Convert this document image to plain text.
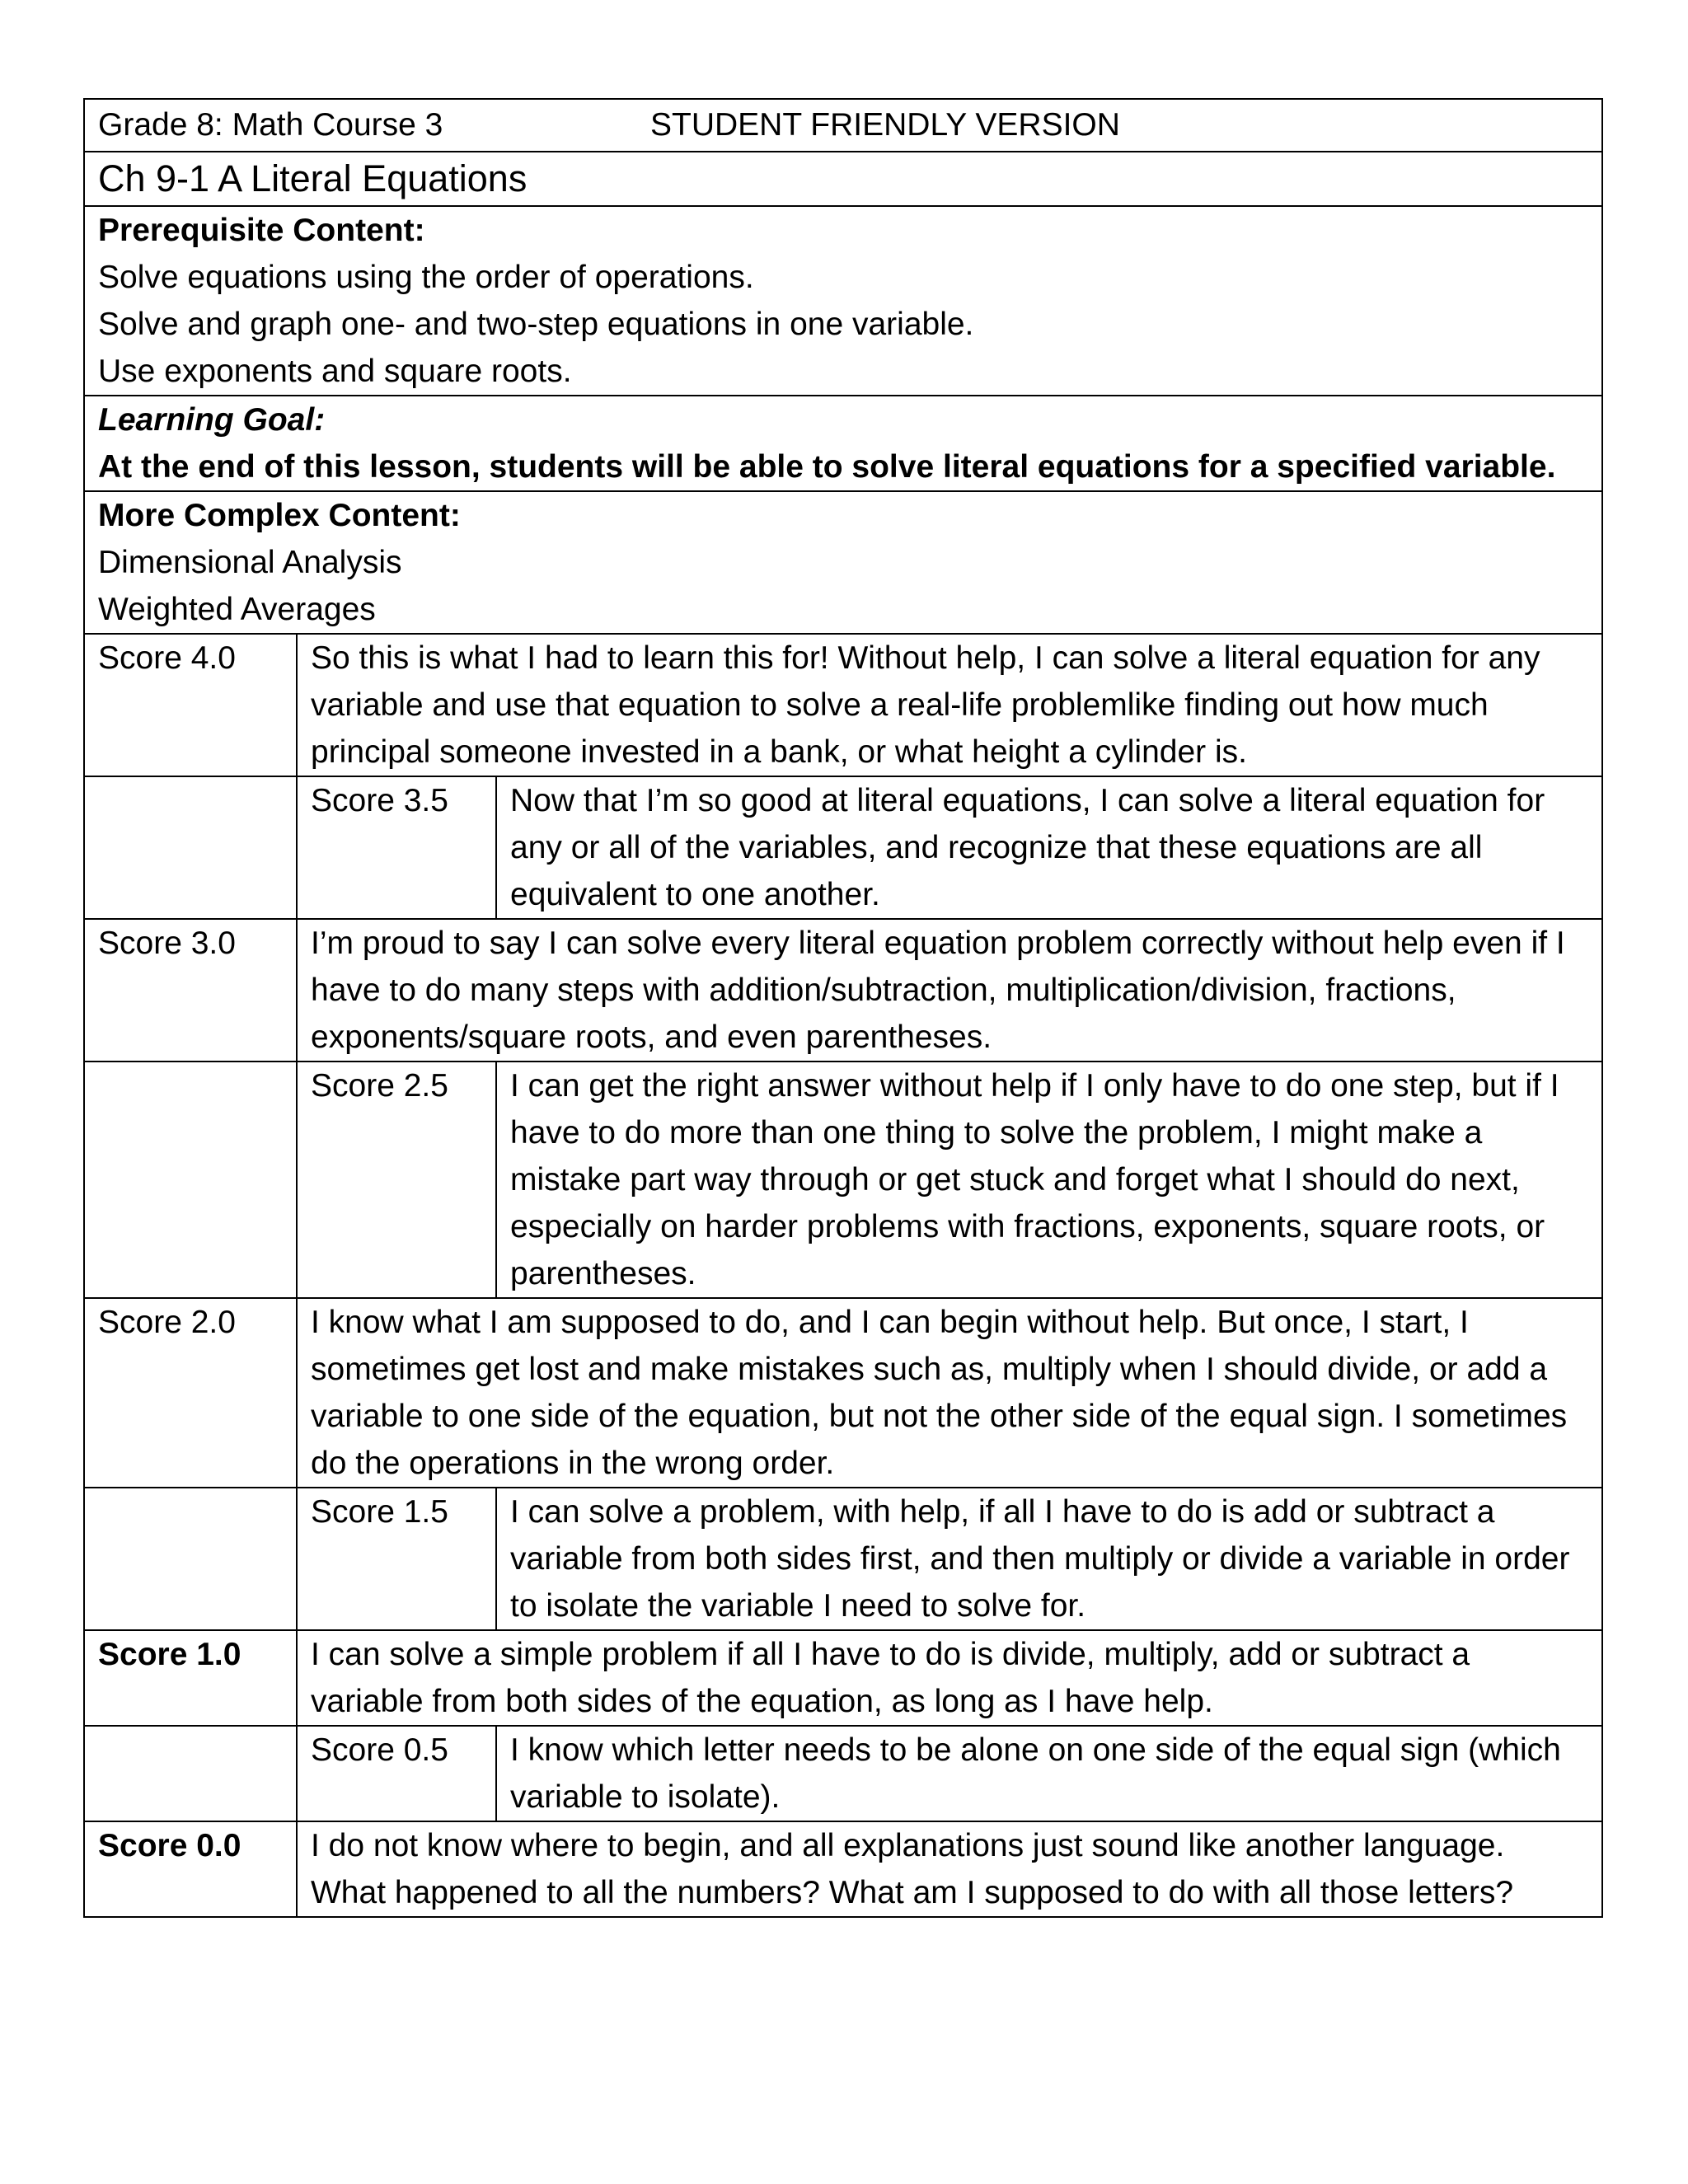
Grade 8: Math Course 3 STUDENT FRIENDLY VERSION		
Ch 9-1 A Literal Equations		

Prerequisite Content:
Solve equations using the order of operations.
Solve and graph one- and two-step equations in one variable.
Use exponents and square roots.		

Learning Goal:
At the end of this lesson, students will be able to solve literal equations for a specified variable.		

More Complex Content:
Dimensional Analysis
Weighted Averages		

Score 4.0	So this is what I had to learn this for! Without help, I can solve a literal equation for any variable and use that equation to solve a real-life problemlike finding out how much principal someone invested in a bank, or what height a cylinder is.	
	Score 3.5	Now that I’m so good at literal equations, I can solve a literal equation for any or all of the variables, and recognize that these equations are all equivalent to one another.
Score 3.0	I’m proud to say I can solve every literal equation problem correctly without help even if I have to do many steps with addition/subtraction, multiplication/division, fractions, exponents/square roots, and even parentheses.	
	Score 2.5	I can get the right answer without help if I only have to do one step, but if I have to do more than one thing to solve the problem, I might make a mistake part way through or get stuck and forget what I should do next, especially on harder problems with fractions, exponents, square roots, or parentheses.
Score 2.0	I know what I am supposed to do, and I can begin without help. But once, I start, I sometimes get lost and make mistakes such as, multiply when I should divide, or add a variable to one side of the equation, but not the other side of the equal sign. I sometimes do the operations in the wrong order.	
	Score 1.5	I can solve a problem, with help, if all I have to do is add or subtract a variable from both sides first, and then multiply or divide a variable in order to isolate the variable I need to solve for.
Score 1.0	I can solve a simple problem if all I have to do is divide, multiply, add or subtract a variable from both sides of the equation, as long as I have help.	
	Score 0.5	I know which letter needs to be alone on one side of the equal sign (which variable to isolate).
Score 0.0	I do not know where to begin, and all explanations just sound like another language. What happened to all the numbers? What am I supposed to do with all those letters?	
